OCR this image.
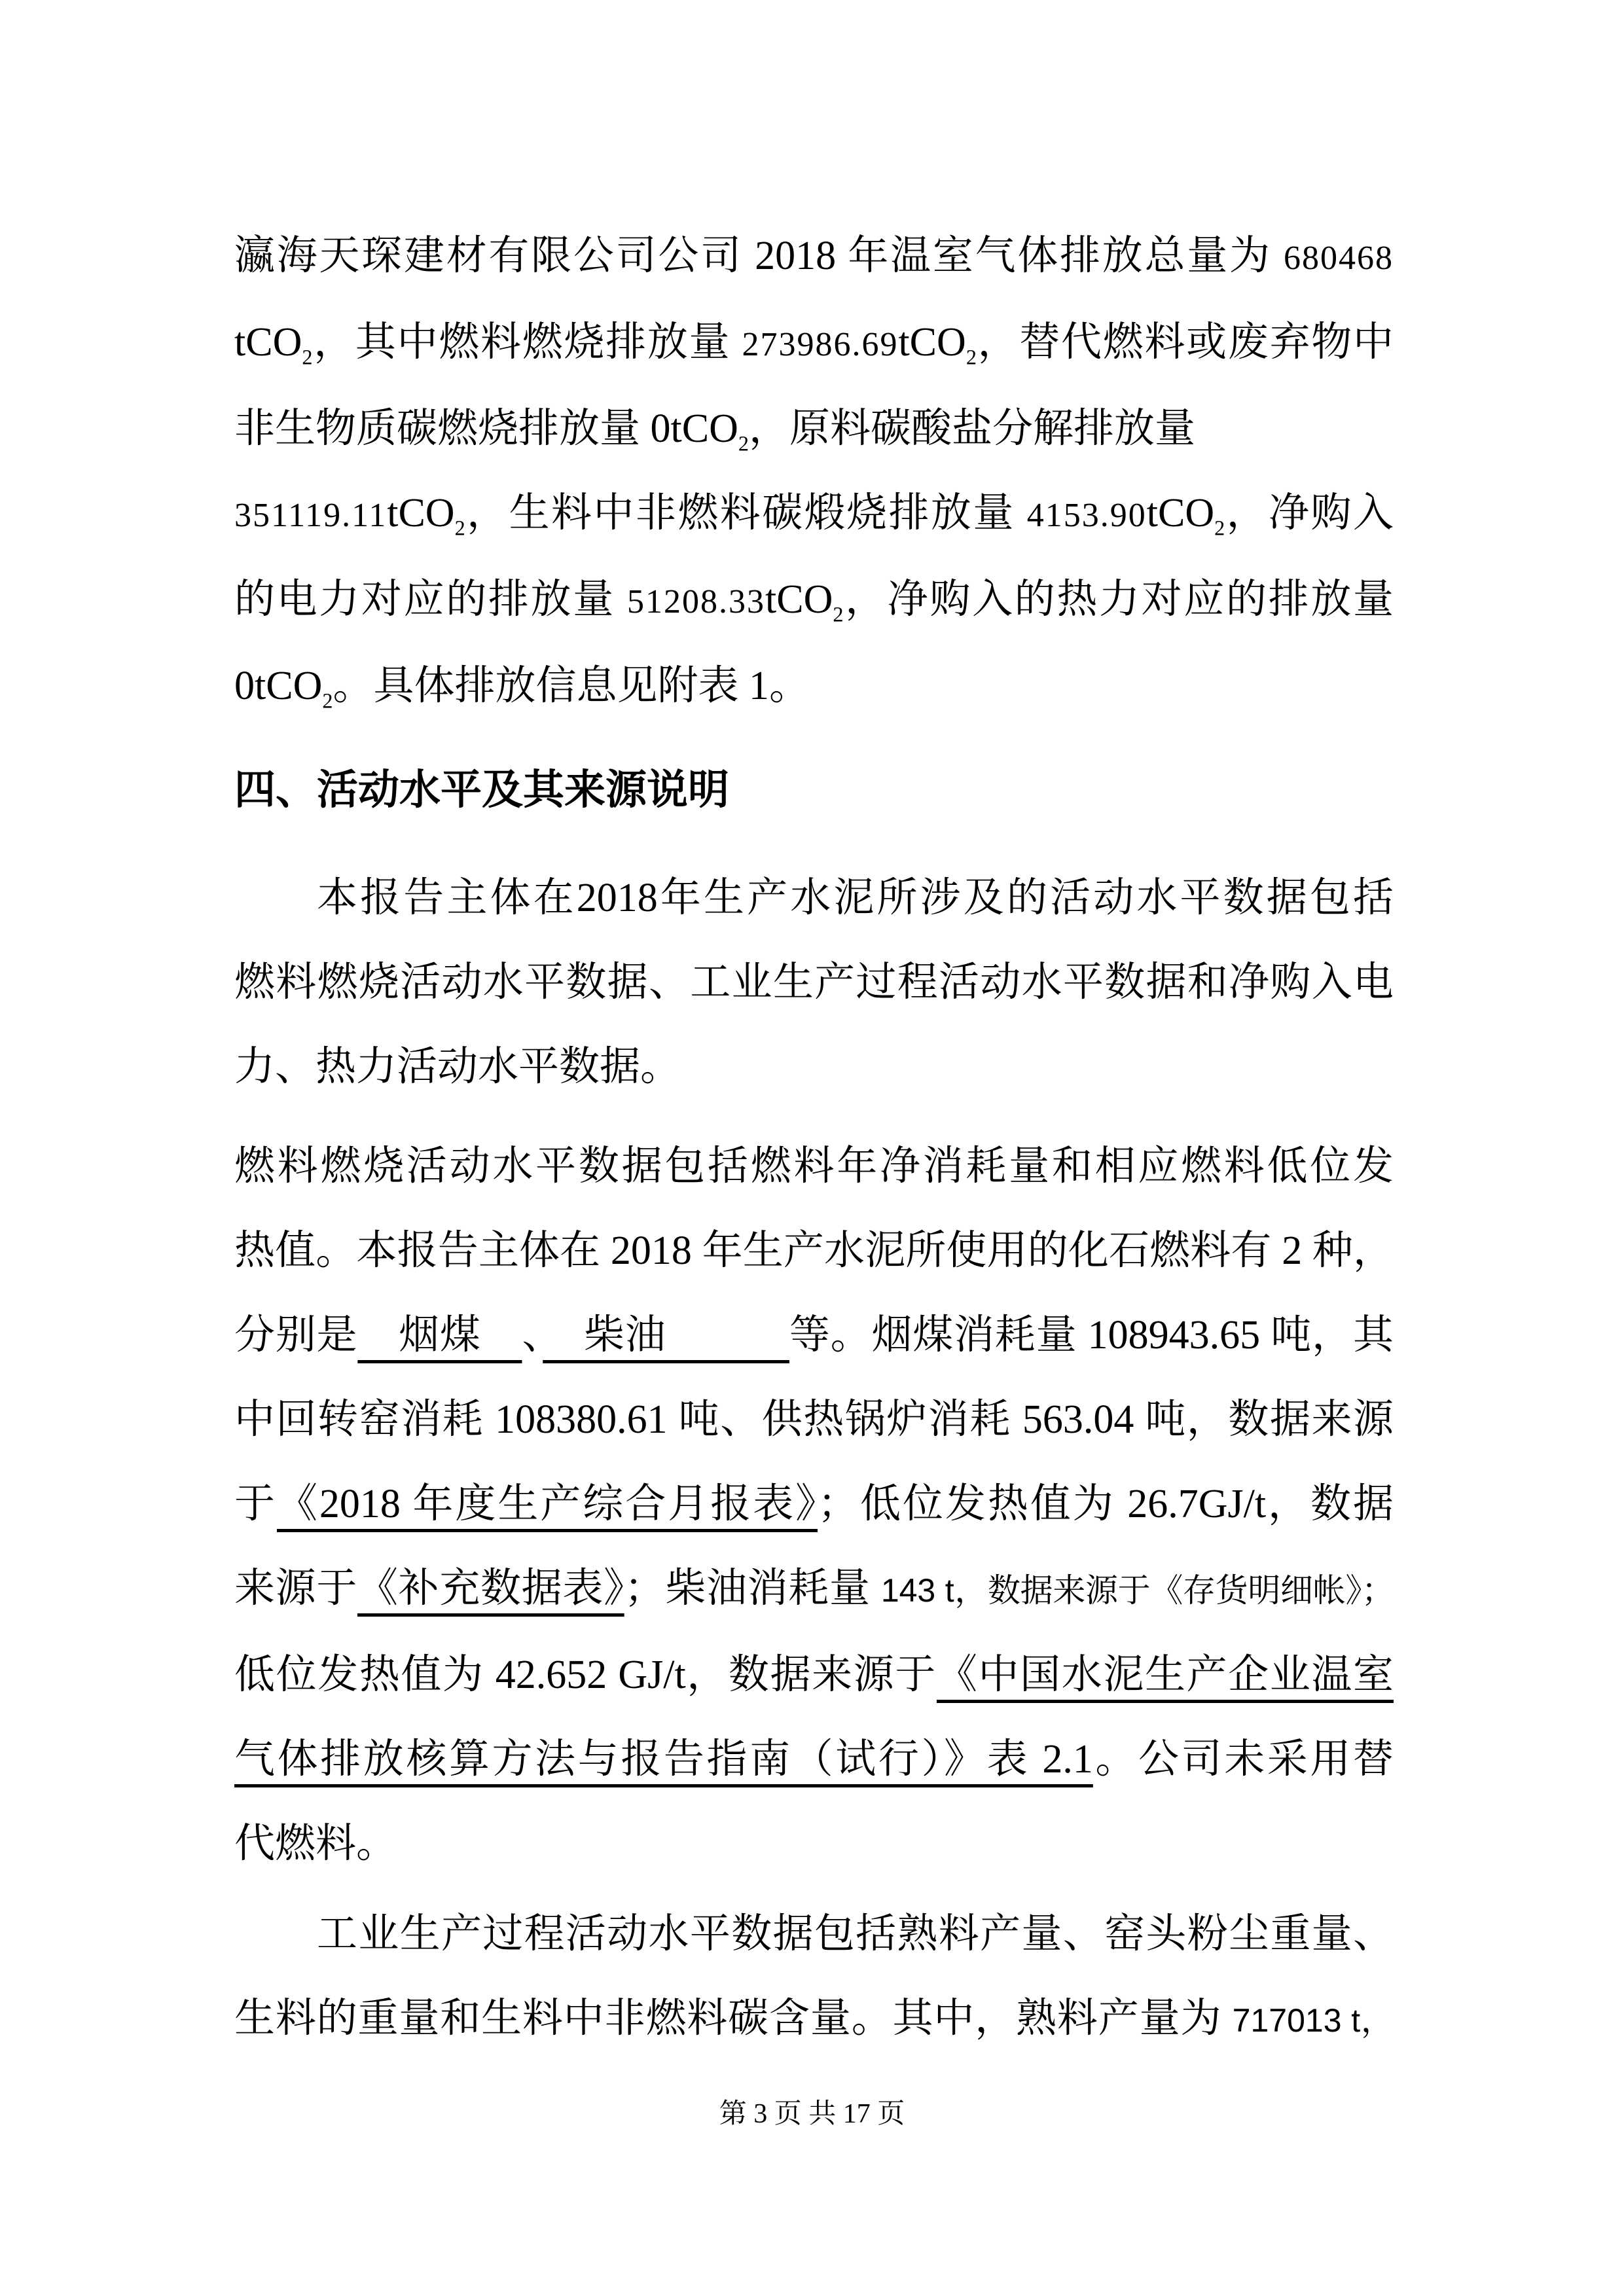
瀛海天琛建材有限公司公司 2018 年温室气体排放总量为 680468
tCO$_2$，其中燃料燃烧排放量 273986.69tCO$_2$，替代燃料或废弃物中
非生物质碳燃烧排放量 0tCO$_2$，原料碳酸盐分解排放量
351119.11tCO$_2$，生料中非燃料碳煅烧排放量 4153.90tCO$_2$，净购入
的电力对应的排放量 51208.33tCO$_2$，净购入的热力对应的排放量
0tCO$_2$。具体排放信息见附表 1。
四、活动水平及其来源说明
本报告主体在2018年生产水泥所涉及的活动水平数据包括
燃料燃烧活动水平数据、工业生产过程活动水平数据和净购入电
力、热力活动水平数据。
燃料燃烧活动水平数据包括燃料年净消耗量和相应燃料低位发
热值。本报告主体在 2018 年生产水泥所使用的化石燃料有 2 种，
分别是　烟煤　、　柴油　　　等。烟煤消耗量 108943.65 吨，其
中回转窑消耗 108380.61 吨、供热锅炉消耗 563.04 吨，数据来源
于《2018 年度生产综合月报表》；低位发热值为 26.7GJ/t，数据
来源于《补充数据表》；柴油消耗量 143 t，数据来源于《存货明细帐》；
低位发热值为 42.652 GJ/t，数据来源于《中国水泥生产企业温室
气体排放核算方法与报告指南（试行）》表 2.1。公司未采用替
代燃料。
工业生产过程活动水平数据包括熟料产量、窑头粉尘重量、
生料的重量和生料中非燃料碳含量。其中，熟料产量为 717013 t，
第 3 页 共 17 页
